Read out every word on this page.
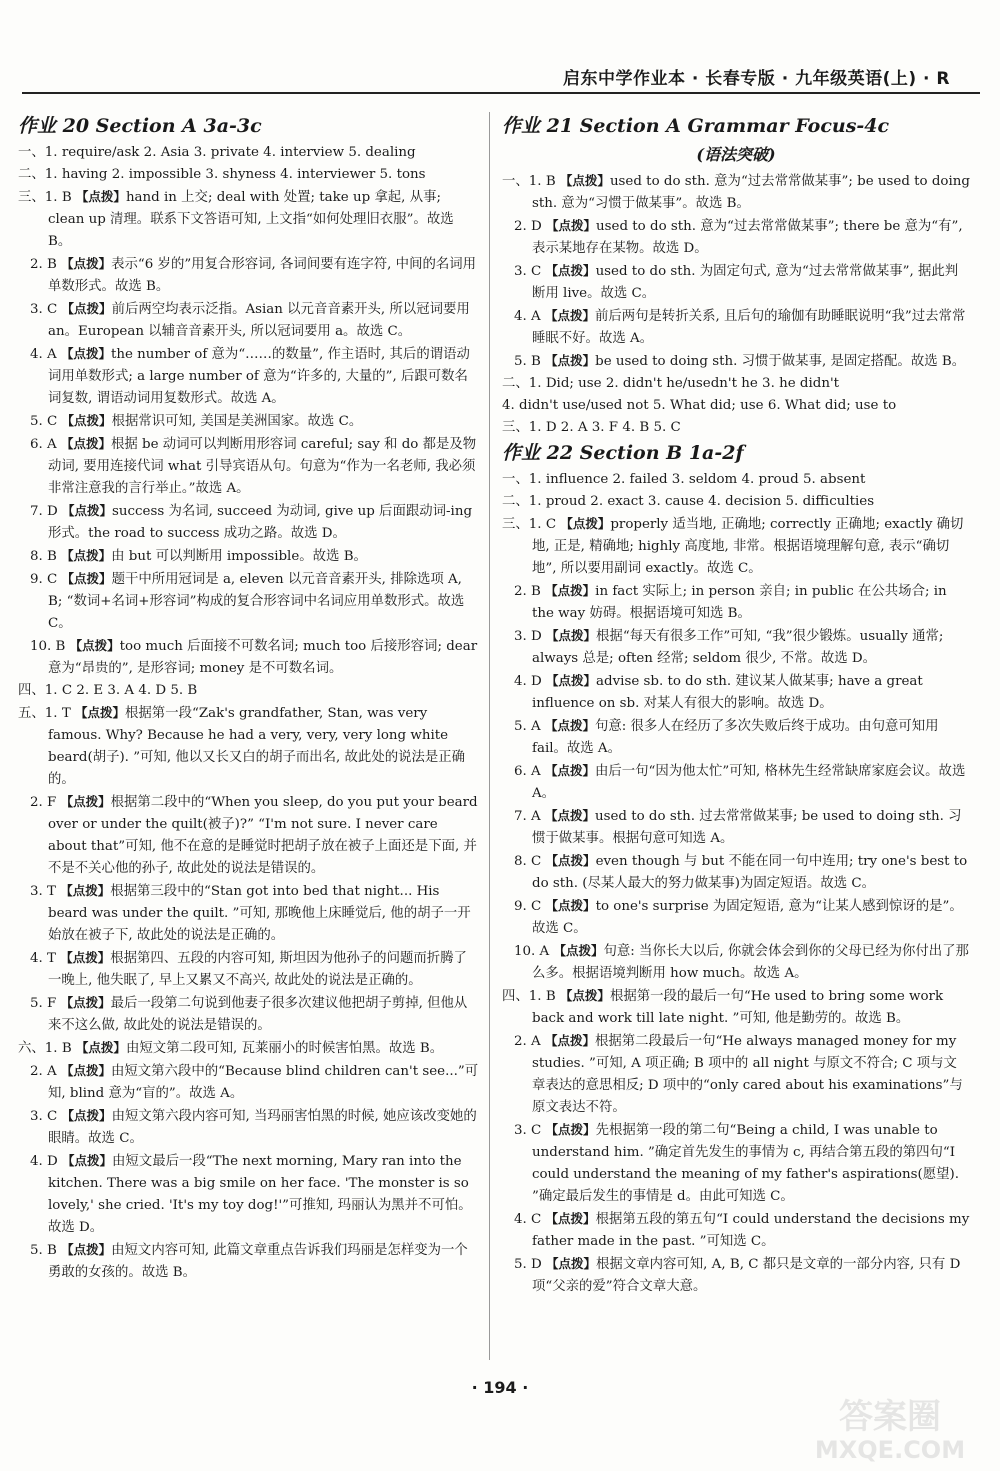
启东中学作业本 · 长春专版 · 九年级英语(上) · R

作业 20 Section A 3a-3c

一、1. require/ask 2. Asia 3. private 4. interview 5. dealing

二、1. having 2. impossible 3. shyness 4. interviewer 5. tons

三、1. B 【点拨】hand in 上交; deal with 处置; take up 拿起, 从事; clean up 清理。联系下文答语可知, 上文指“如何处理旧衣服”。故选 B。

2. B 【点拨】表示“6 岁的”用复合形容词, 各词间要有连字符, 中间的名词用单数形式。故选 B。

3. C 【点拨】前后两空均表示泛指。Asian 以元音音素开头, 所以冠词要用 an。European 以辅音音素开头, 所以冠词要用 a。故选 C。

4. A 【点拨】the number of 意为“……的数量”, 作主语时, 其后的谓语动词用单数形式; a large number of 意为“许多的, 大量的”, 后跟可数名词复数, 谓语动词用复数形式。故选 A。

5. C 【点拨】根据常识可知, 美国是美洲国家。故选 C。

6. A 【点拨】根据 be 动词可以判断用形容词 careful; say 和 do 都是及物动词, 要用连接代词 what 引导宾语从句。句意为“作为一名老师, 我必须非常注意我的言行举止。”故选 A。

7. D 【点拨】success 为名词, succeed 为动词, give up 后面跟动词-ing 形式。the road to success 成功之路。故选 D。

8. B 【点拨】由 but 可以判断用 impossible。故选 B。

9. C 【点拨】题干中所用冠词是 a, eleven 以元音音素开头, 排除选项 A, B; “数词+名词+形容词”构成的复合形容词中名词应用单数形式。故选 C。

10. B 【点拨】too much 后面接不可数名词; much too 后接形容词; dear 意为“昂贵的”, 是形容词; money 是不可数名词。

四、1. C 2. E 3. A 4. D 5. B

五、1. T 【点拨】根据第一段“Zak's grandfather, Stan, was very famous. Why? Because he had a very, very, very long white beard(胡子). ”可知, 他以又长又白的胡子而出名, 故此处的说法是正确的。

2. F 【点拨】根据第二段中的“When you sleep, do you put your beard over or under the quilt(被子)?” “I'm not sure. I never care about that”可知, 他不在意的是睡觉时把胡子放在被子上面还是下面, 并不是不关心他的孙子, 故此处的说法是错误的。

3. T 【点拨】根据第三段中的“Stan got into bed that night... His beard was under the quilt. ”可知, 那晚他上床睡觉后, 他的胡子一开始放在被子下, 故此处的说法是正确的。

4. T 【点拨】根据第四、五段的内容可知, 斯坦因为他孙子的问题而折腾了一晚上, 他失眠了, 早上又累又不高兴, 故此处的说法是正确的。

5. F 【点拨】最后一段第二句说到他妻子很多次建议他把胡子剪掉, 但他从来不这么做, 故此处的说法是错误的。

六、1. B 【点拨】由短文第二段可知, 瓦莱丽小的时候害怕黑。故选 B。

2. A 【点拨】由短文第六段中的“Because blind children can't see...”可知, blind 意为“盲的”。故选 A。

3. C 【点拨】由短文第六段内容可知, 当玛丽害怕黑的时候, 她应该改变她的眼睛。故选 C。

4. D 【点拨】由短文最后一段“The next morning, Mary ran into the kitchen. There was a big smile on her face. 'The monster is so lovely,' she cried. 'It's my toy dog!'”可推知, 玛丽认为黑并不可怕。故选 D。

5. B 【点拨】由短文内容可知, 此篇文章重点告诉我们玛丽是怎样变为一个勇敢的女孩的。故选 B。

作业 21 Section A Grammar Focus-4c

(语法突破)

一、1. B 【点拨】used to do sth. 意为“过去常常做某事”; be used to doing sth. 意为“习惯于做某事”。故选 B。

2. D 【点拨】used to do sth. 意为“过去常常做某事”; there be 意为“有”, 表示某地存在某物。故选 D。

3. C 【点拨】used to do sth. 为固定句式, 意为“过去常常做某事”, 据此判断用 live。故选 C。

4. A 【点拨】前后两句是转折关系, 且后句的瑜伽有助睡眠说明“我”过去常常睡眠不好。故选 A。

5. B 【点拨】be used to doing sth. 习惯于做某事, 是固定搭配。故选 B。

二、1. Did; use 2. didn't he/usedn't he 3. he didn't

4. didn't use/used not 5. What did; use 6. What did; use to

三、1. D 2. A 3. F 4. B 5. C

作业 22 Section B 1a-2f

一、1. influence 2. failed 3. seldom 4. proud 5. absent

二、1. proud 2. exact 3. cause 4. decision 5. difficulties

三、1. C 【点拨】properly 适当地, 正确地; correctly 正确地; exactly 确切地, 正是, 精确地; highly 高度地, 非常。根据语境理解句意, 表示“确切地”, 所以要用副词 exactly。故选 C。

2. B 【点拨】in fact 实际上; in person 亲自; in public 在公共场合; in the way 妨碍。根据语境可知选 B。

3. D 【点拨】根据“每天有很多工作”可知, “我”很少锻炼。usually 通常; always 总是; often 经常; seldom 很少, 不常。故选 D。

4. D 【点拨】advise sb. to do sth. 建议某人做某事; have a great influence on sb. 对某人有很大的影响。故选 D。

5. A 【点拨】句意: 很多人在经历了多次失败后终于成功。由句意可知用 fail。故选 A。

6. A 【点拨】由后一句“因为他太忙”可知, 格林先生经常缺席家庭会议。故选 A。

7. A 【点拨】used to do sth. 过去常常做某事; be used to doing sth. 习惯于做某事。根据句意可知选 A。

8. C 【点拨】even though 与 but 不能在同一句中连用; try one's best to do sth. (尽某人最大的努力做某事)为固定短语。故选 C。

9. C 【点拨】to one's surprise 为固定短语, 意为“让某人感到惊讶的是”。故选 C。

10. A 【点拨】句意: 当你长大以后, 你就会体会到你的父母已经为你付出了那么多。根据语境判断用 how much。故选 A。

四、1. B 【点拨】根据第一段的最后一句“He used to bring some work back and work till late night. ”可知, 他是勤劳的。故选 B。

2. A 【点拨】根据第二段最后一句“He always managed money for my studies. ”可知, A 项正确; B 项中的 all night 与原文不符合; C 项与文章表达的意思相反; D 项中的“only cared about his examinations”与原文表达不符。

3. C 【点拨】先根据第一段的第二句“Being a child, I was unable to understand him. ”确定首先发生的事情为 c, 再结合第五段的第四句“I could understand the meaning of my father's aspirations(愿望). ”确定最后发生的事情是 d。由此可知选 C。

4. C 【点拨】根据第五段的第五句“I could understand the decisions my father made in the past. ”可知选 C。

5. D 【点拨】根据文章内容可知, A, B, C 都只是文章的一部分内容, 只有 D 项“父亲的爱”符合文章大意。

· 194 ·
答案圈
MXQE.COM
